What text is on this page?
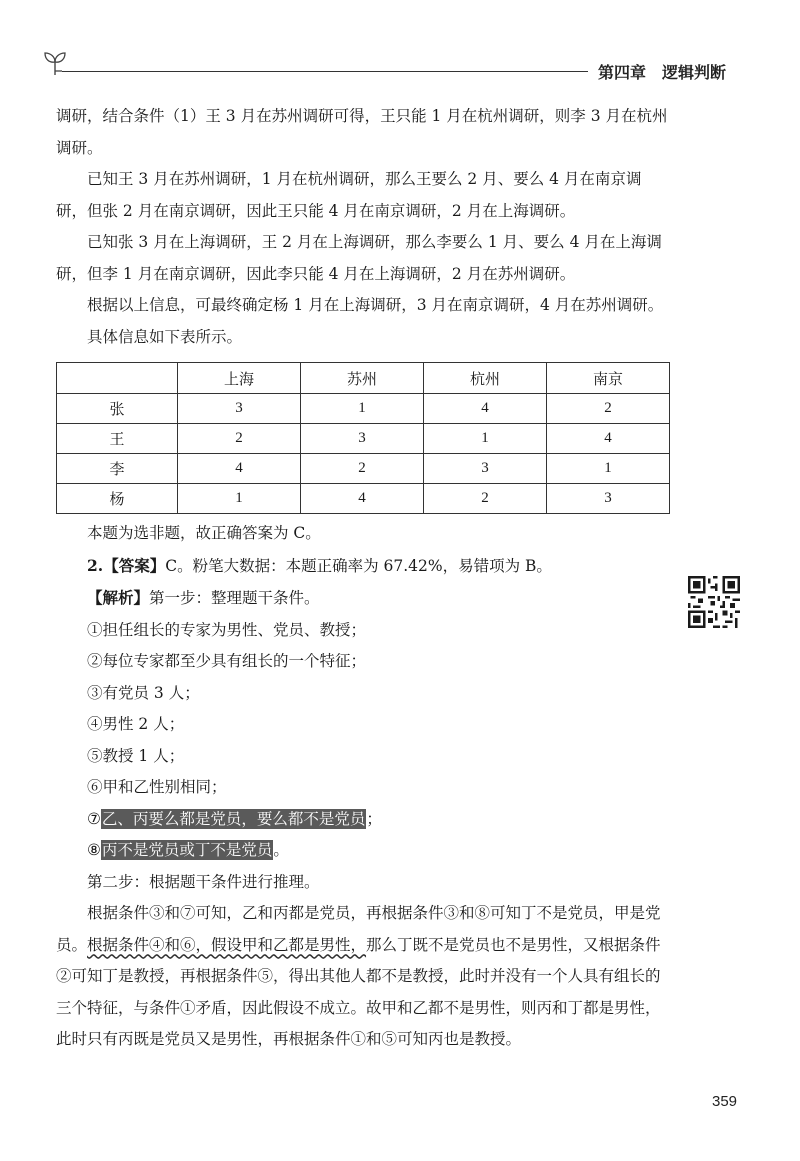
第四章 逻辑判断

调研，结合条件（1）王 3 月在苏州调研可得，王只能 1 月在杭州调研，则李 3 月在杭州调研。

已知王 3 月在苏州调研，1 月在杭州调研，那么王要么 2 月、要么 4 月在南京调研，但张 2 月在南京调研，因此王只能 4 月在南京调研，2 月在上海调研。

已知张 3 月在上海调研，王 2 月在上海调研，那么李要么 1 月、要么 4 月在上海调研，但李 1 月在南京调研，因此李只能 4 月在上海调研，2 月在苏州调研。

根据以上信息，可最终确定杨 1 月在上海调研，3 月在南京调研，4 月在苏州调研。

具体信息如下表所示。

	上海	苏州	杭州	南京
张	3	1	4	2
王	2	3	1	4
李	4	2	3	1
杨	1	4	2	3

本题为选非题，故正确答案为 C。

2.【答案】C。粉笔大数据：本题正确率为 67.42%，易错项为 B。

【解析】第一步：整理题干条件。

①担任组长的专家为男性、党员、教授；

②每位专家都至少具有组长的一个特征；

③有党员 3 人；

④男性 2 人；

⑤教授 1 人；

⑥甲和乙性别相同；

⑦乙、丙要么都是党员，要么都不是党员；

⑧丙不是党员或丁不是党员。

第二步：根据题干条件进行推理。

根据条件③和⑦可知，乙和丙都是党员，再根据条件③和⑧可知丁不是党员，甲是党员。根据条件④和⑥，假设甲和乙都是男性，那么丁既不是党员也不是男性，又根据条件②可知丁是教授，再根据条件⑤，得出其他人都不是教授，此时并没有一个人具有组长的三个特征，与条件①矛盾，因此假设不成立。故甲和乙都不是男性，则丙和丁都是男性，此时只有丙既是党员又是男性，再根据条件①和⑤可知丙也是教授。

359
